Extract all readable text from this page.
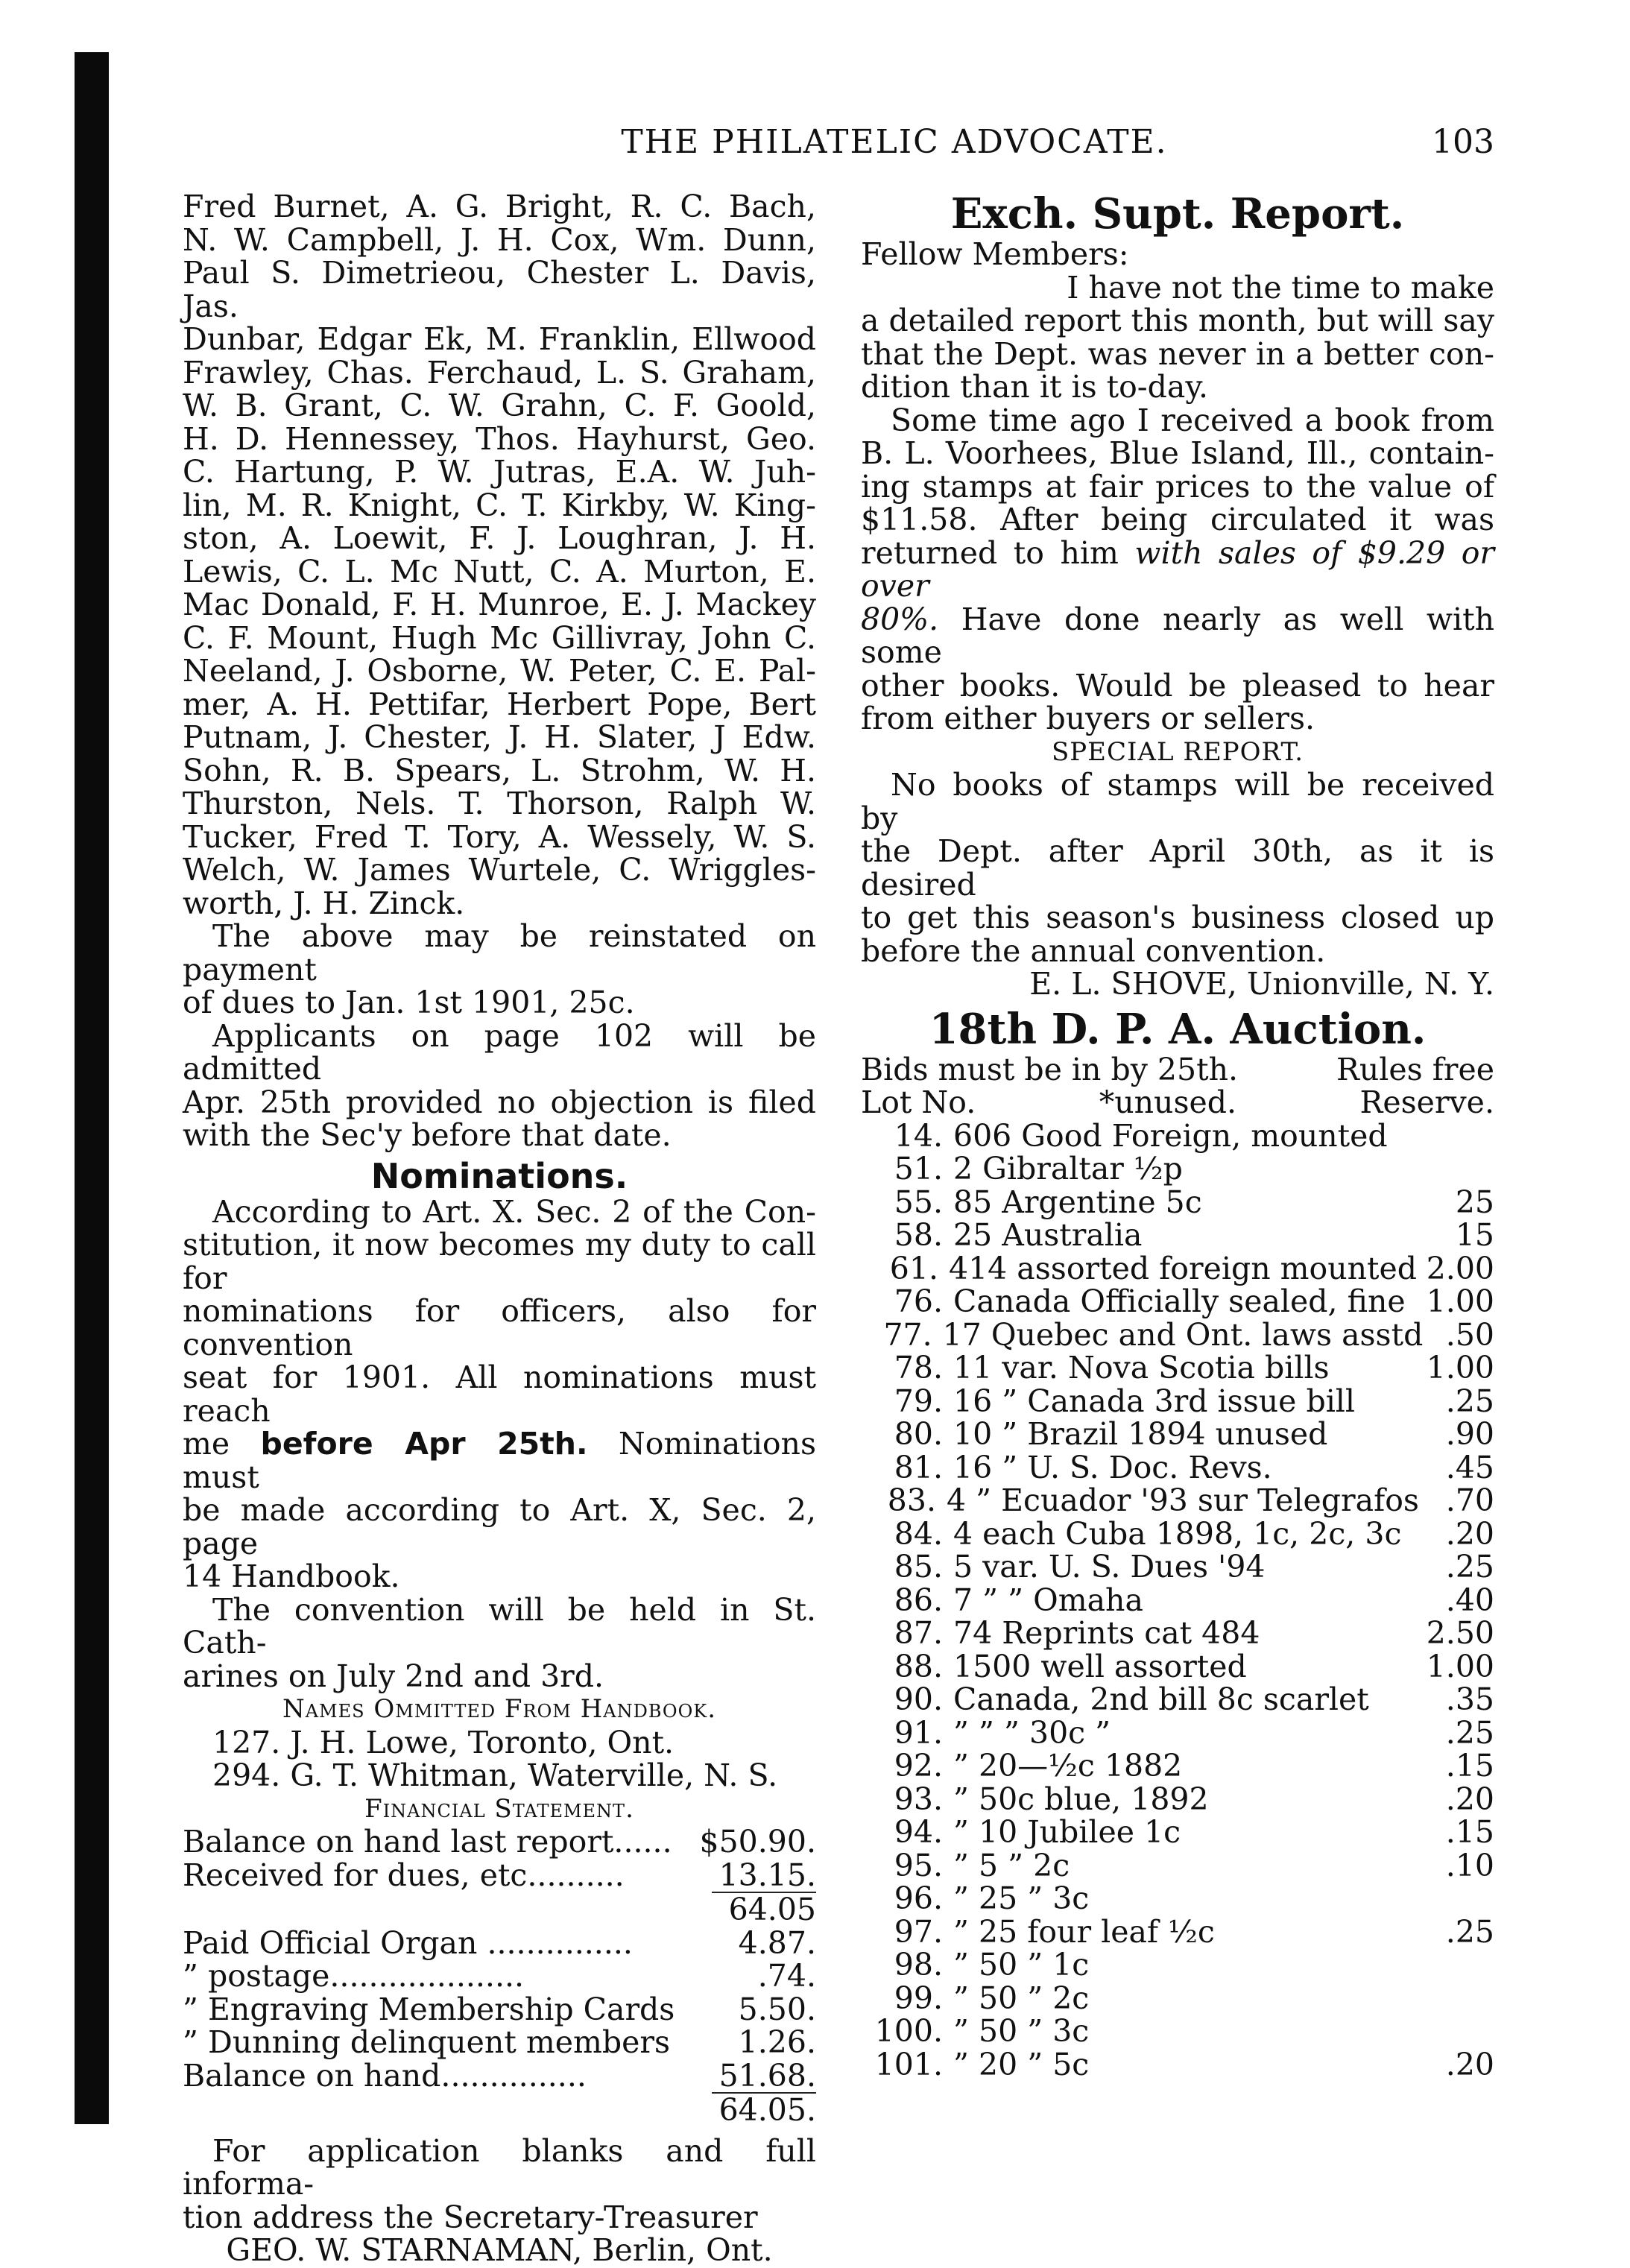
THE PHILATELIC ADVOCATE.	103
Fred Burnet, A. G. Bright, R. C. Bach,
N. W. Campbell, J. H. Cox, Wm. Dunn,
Paul S. Dimetrieou, Chester L. Davis, Jas.
Dunbar, Edgar Ek, M. Franklin, Ellwood
Frawley, Chas. Ferchaud, L. S. Graham,
W. B. Grant, C. W. Grahn, C. F. Goold,
H. D. Hennessey, Thos. Hayhurst, Geo.
C. Hartung, P. W. Jutras, E.A. W. Juh-
lin, M. R. Knight, C. T. Kirkby, W. King-
ston, A. Loewit, F. J. Loughran, J. H.
Lewis, C. L. Mc Nutt, C. A. Murton, E.
Mac Donald, F. H. Munroe, E. J. Mackey
C. F. Mount, Hugh Mc Gillivray, John C.
Neeland, J. Osborne, W. Peter, C. E. Pal-
mer, A. H. Pettifar, Herbert Pope, Bert
Putnam, J. Chester, J. H. Slater, J Edw.
Sohn, R. B. Spears, L. Strohm, W. H.
Thurston, Nels. T. Thorson, Ralph W.
Tucker, Fred T. Tory, A. Wessely, W. S.
Welch, W. James Wurtele, C. Wriggles-
worth, J. H. Zinck.
The above may be reinstated on payment
of dues to Jan. 1st 1901, 25c.
Applicants on page 102 will be admitted
Apr. 25th provided no objection is filed
with the Sec'y before that date.
Nominations.
According to Art. X. Sec. 2 of the Con-
stitution, it now becomes my duty to call for
nominations for officers, also for convention
seat for 1901. All nominations must reach
me before Apr 25th. Nominations must
be made according to Art. X, Sec. 2, page
14 Handbook.
The convention will be held in St. Cath-
arines on July 2nd and 3rd.
Names Ommitted From Handbook.
127. J. H. Lowe, Toronto, Ont.
294. G. T. Whitman, Waterville, N. S.
Financial Statement.
Balance on hand last report...... $50.90.
Received for dues, etc..........	13.15.
64.05
Paid Official Organ ...............	4.87.
” postage....................	.74.
” Engraving Membership Cards	5.50.
” Dunning delinquent members	1.26.
Balance on hand...............	51.68.
64.05.
For application blanks and full informa-
tion address the Secretary-Treasurer
GEO. W. STARNAMAN, Berlin, Ont.
Exch. Supt. Report.
Fellow Members:
I have not the time to make
a detailed report this month, but will say
that the Dept. was never in a better con-
dition than it is to-day.
Some time ago I received a book from
B. L. Voorhees, Blue Island, Ill., contain-
ing stamps at fair prices to the value of
$11.58. After being circulated it was
returned to him with sales of $9.29 or over
80%. Have done nearly as well with some
other books. Would be pleased to hear
from either buyers or sellers.
SPECIAL REPORT.
No books of stamps will be received by
the Dept. after April 30th, as it is desired
to get this season's business closed up
before the annual convention.
E. L. SHOVE, Unionville, N. Y.
18th D. P. A. Auction.
Bids must be in by 25th.	Rules free
Lot No.	*unused.	Reserve.
14. 606 Good Foreign, mounted
51. 2 Gibraltar ½p
55. 85 Argentine 5c	25
58. 25 Australia	15
61. 414 assorted foreign mounted 2.00
76. Canada Officially sealed, fine 1.00
77. 17 Quebec and Ont. laws asstd .50
78. 11 var. Nova Scotia bills	1.00
79. 16 ” Canada 3rd issue bill	.25
80. 10 ” Brazil 1894 unused	.90
81. 16 ” U. S. Doc. Revs.	.45
83. 4 ” Ecuador '93 sur Telegrafos .70
84. 4 each Cuba 1898, 1c, 2c, 3c	.20
85. 5 var. U. S. Dues '94	.25
86. 7 ” ” Omaha	.40
87. 74 Reprints cat 484	2.50
88. 1500 well assorted	1.00
90. Canada, 2nd bill 8c scarlet	.35
91. ” ” ” 30c ”	.25
92. ” 20—½c 1882	.15
93. ” 50c blue, 1892	.20
94. ” 10 Jubilee 1c	.15
95. ” 5 ” 2c	.10
96. ” 25 ” 3c
97. ” 25 four leaf ½c	.25
98. ” 50 ” 1c
99. ” 50 ” 2c
100. ” 50 ” 3c
101. ” 20 ” 5c	.20
